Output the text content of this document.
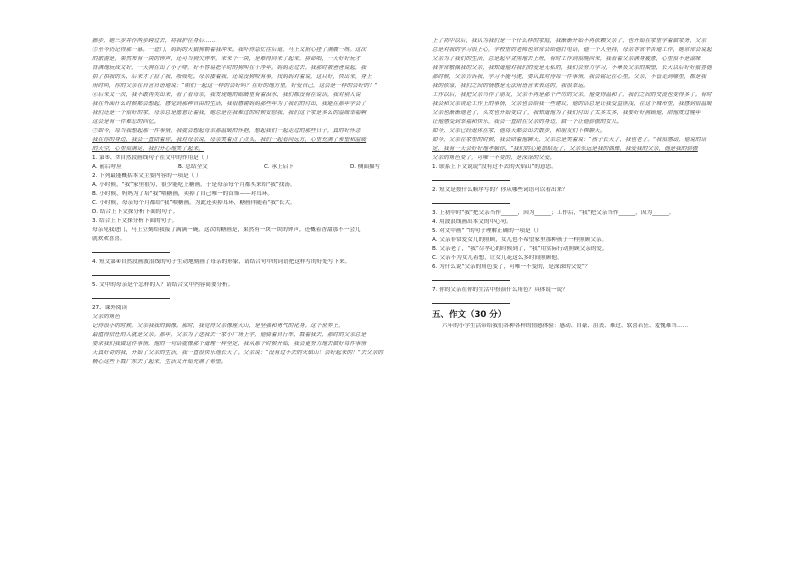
脚步，她三步并作两步跨过去，将我护在身后……
⑤至今仍记得那一幕。一进门，妈妈的大狼狗朝着我冲来。我吓得急忙往后退，马上又担心挂了满腹一咳。这次
的旅游是，果然布有一块的钟声，还可当狗欠停车，来来个一块，是难得回来了起来，拼命唱，一天好好玩才
背满地玩成又好，一天狗在出了小子啡，好不容易把平时的狗叫在干净年。妈妈走过去。我那时被爸爸说起，我
拍了拍我的头，后来才了拉了我，吸吸吃。母亲搂着我，还说没狗咬有事，找妈妈对着说，这只好，快出来，身上
用时叫，你的父亲在自言自语地说：“咱们一起这一样的会好吗？在好的地方里，好爱自己，这会是一样的会好的！”
⑥后来又一次，我不敢再哭出来，看了看母亲，我发现她的眼睛里有着泪水，我们都没有在说话，我对别人说
我在外面什么时候都会想起，感觉到那种自由的生活，我很感谢妈妈那些年为了我们的付出，我能在那年学会了
我们还是一个很好的家，母亲总是愿意让着我，她总是在我难过的时候安慰我，我们这个家是多么的温暖幸福啊
这会是有一件难忘的回忆。
⑦如今，每当我想起那一件事情，我就会想起母亲那温暖的怀抱，想起我们一起走过的那些日子，真的好怀念
我在你的身边，我会一直陪着你，我对母亲说，母亲笑着点了点头，我们一起看向远方，心里充满了希望和温暖
的天空，心里很满足，我们开心地笑了起来。
1. 第⑤、⑦自然段画线句子在文中的作用是（ ）
A. 前后呼应	B. 总结全文	C. 承上启下	D. 侧面描写
2. 下列最能概括本文主要内容的一项是（ ）
A. 小时候，“我”家里很穷，很少能吃上糖画，于是母亲每个月都买来给“我”找汤。
B. 小时候，妈妈为了培“我”喂糖画，卖掉了自己唯一的首饰——对耳环。
C. 小时候，母亲每个月都给“我”喂糖画，为此还卖掉耳环，糖画伴随着“我”长大。
D. 结合上下文探分析下面的句子。
3. 结合上下文探分析下面的句子。
母亲见我进门，马上立刻给我接了满满一碗。这次的糖画是，果然有一块一块的钟声，还概着香甜那不一会儿
就欢欢喜喜。
4. 短文第④自然段画波浪线的句子生动地刻画了母亲的形象，请结合句中的词语把这样写的好处写下来。
5. 文中的母亲是个怎样的人？请结合文中内容简要分析。
27、课外阅读
父亲的角色
记得很小的时候，父亲我我的偶像。那时，我觉得父亲像座大山，是坚强和勇气的化身。这个世界上，
最值得信任的人就是父亲。那年，父亲为了送我去一家小广场上学，他骑着自行车，载着我去，那时的父亲总是
要求我们我做这件事情，他的一句话就像那个道理一样坚定，我从那个时候开始，我会更努力地去做好每件事情
天真好奇的我，开始了父亲的生活，我一直很快乐地长大了。父亲说：“没有过不去的火焰山！会好起来的！”去父亲的
精心这些下载广东去了起来，生活又开始充满了希望。
上了初中以后，我认为我们是一个什么样的家庭，我渐渐开始不再依赖父亲了，也开始在家里学着做家务，父亲
总是对我的学习很上心，学校里的老师也常常会给他打电话，他一个人坚持，母亲非常辛苦地工作，她常常会说起
父亲为了我们的生活，总是起早贪黑地去上班，有时工作到很晚回来，我看着父亲满身疲惫，心里很不是滋味
我非常敬佩我的父亲，我知道他对我们的爱是无私的，我们会努力学习，不辜负父亲的期望，长大以后好好报答他
那时候，父亲告诉我，学习不能马虎，要认真对待每一件事情，我会铭记在心里。父亲，不管走到哪里，都是我
我的依靠，我们之间的情感是无法用语言来表达的，我很幸运。
工作以后，我把父亲当作了朋友，父亲不再是那个严厉的父亲，他变得温和了，我们之间的交流也变得多了。有时
我会和父亲谈论工作上的事情，父亲也会给我一些建议，他的话总是让我受益匪浅，在这个城市里，我感到很温暖
父亲也渐渐地老了，头发也开始变白了，我知道他为了我们付出了太多太多，我要好好照顾他，陪他度过晚年
让他感受到幸福和快乐，我会一直陪在父亲的身边，做一个让他骄傲的女儿。
如今，父亲已经退休在家，他每天都会出去散步，和朋友们下棋聊天。
如今，父亲在家里的时候，我会陪着他聊天，父亲总是笑着说：“孩子长大了，我也老了。”我很感动，他说的话
定，我有一天会好好地孝顺你。”我们的心更加贴近了，父亲永远是我的偶像，我爱我的父亲，他是我的骄傲
父亲的角色变了，可唯一不变的，是深深的父爱。
1. 联系上下文说说“没有过不去的火焰山”的意思。
2. 短文是按什么顺序写的？你从哪些词语可以看出来？
3. 上初中时“我”把父亲当作______，因为______；工作后，“我”把父亲当作______，因为______。
4. 用波浪线画出本文的中心句。
5. 对文中画“ ”的句子理解正确的一项是（）
A. 父亲非常爱女儿的照顾，女儿也不希望家里那种孩子一样照顾父亲。
B. 父亲老了，“我”尽孝心的时候到了，“我”用实际行动照顾父亲的爱。
C. 父亲不为女儿着想，让女儿花这么多时间照顾他。
6. 为什么说“父亲的角色变了，可唯一不变的，是深深的父爱”？
7. 你的父亲在你的生活中扮演什么角色？具体说一说？
五、作文（30 分）
六年的小学生活带给我们各种各样的情感体验：感动、自豪、沮丧、难过、软喜若狂、羞愧难当……
